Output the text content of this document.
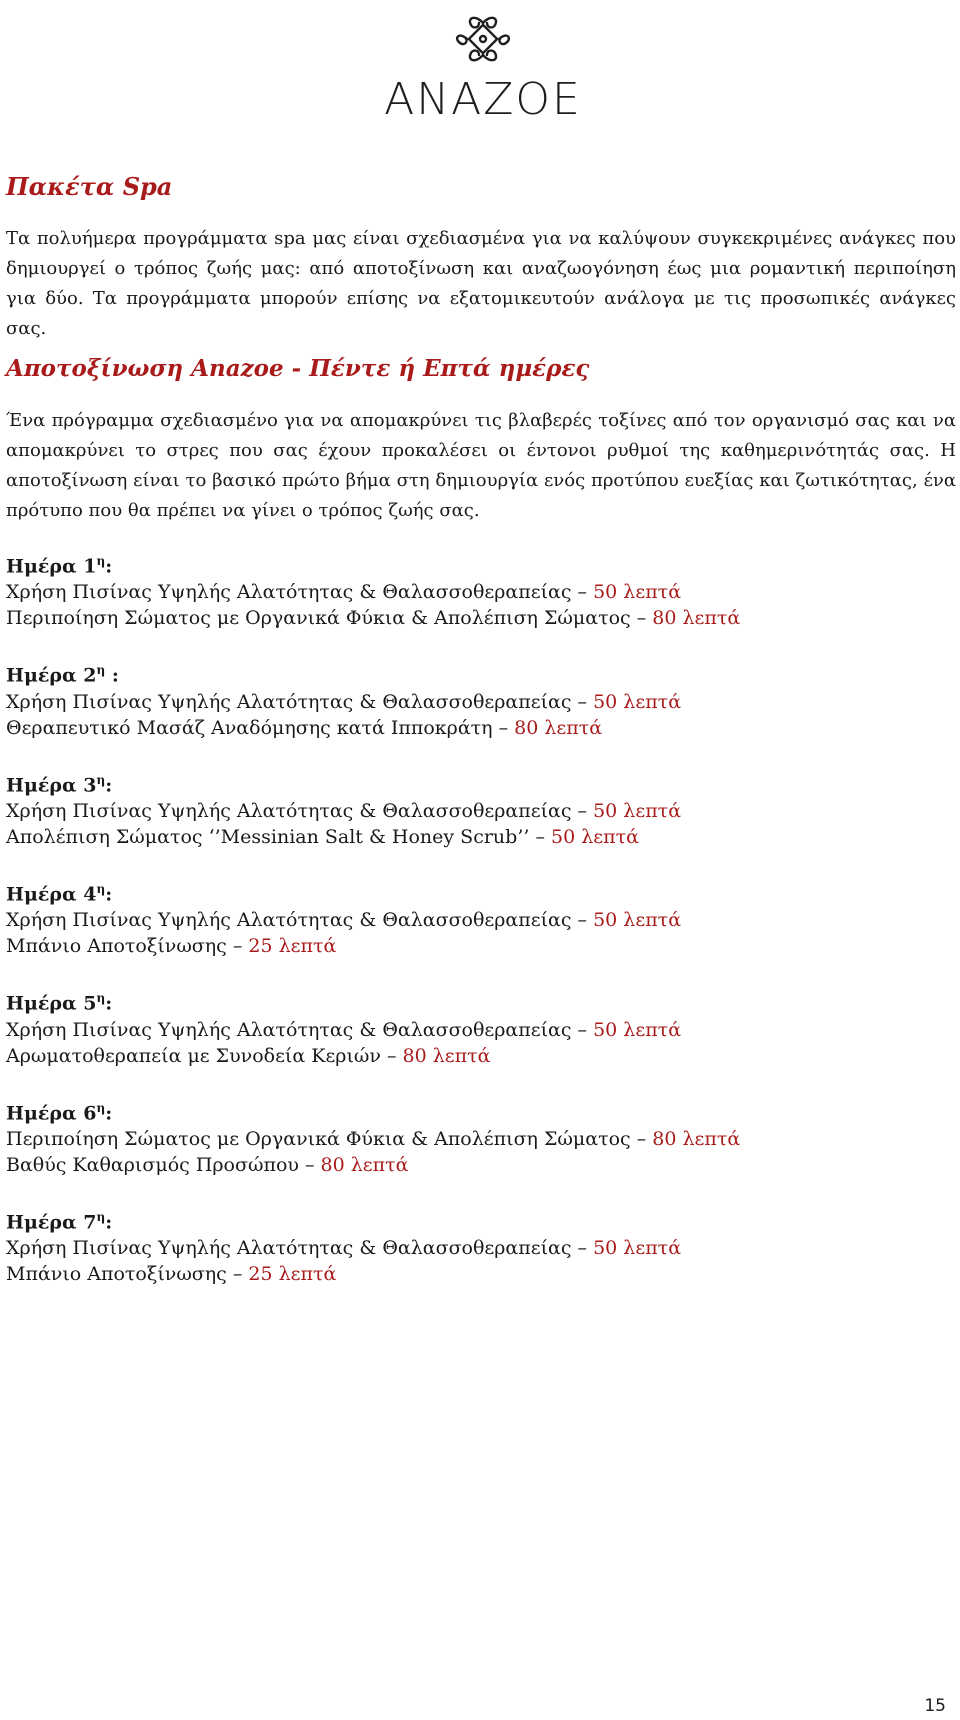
ΑΝΑΖΟΕ
Πακέτα Spa

Τα πολυήμερα προγράμματα spa μας είναι σχεδιασμένα για να καλύψουν συγκεκριμένες ανάγκες που δημιουργεί ο τρόπος ζωής μας: από αποτοξίνωση και αναζωογόνηση έως μια ρομαντική περιποίηση για δύο. Τα προγράμματα μπορούν επίσης να εξατομικευτούν ανάλογα με τις προσωπικές ανάγκες σας.

Αποτοξίνωση Anazoe - Πέντε ή Επτά ημέρες

Ένα πρόγραμμα σχεδιασμένο για να απομακρύνει τις βλαβερές τοξίνες από τον οργανισμό σας και να απομακρύνει το στρες που σας έχουν προκαλέσει οι έντονοι ρυθμοί της καθημερινότητάς σας. Η αποτοξίνωση είναι το βασικό πρώτο βήμα στη δημιουργία ενός προτύπου ευεξίας και ζωτικότητας, ένα πρότυπο που θα πρέπει να γίνει ο τρόπος ζωής σας.

Ημέρα $1^\eta$:
Χρήση Πισίνας Υψηλής Αλατότητας & Θαλασσοθεραπείας – 50 λεπτά
Περιποίηση Σώματος με Οργανικά Φύκια & Απολέπιση Σώματος – 80 λεπτά
Ημέρα $2^\eta$ :
Χρήση Πισίνας Υψηλής Αλατότητας & Θαλασσοθεραπείας – 50 λεπτά
Θεραπευτικό Μασάζ Αναδόμησης κατά Ιπποκράτη – 80 λεπτά
Ημέρα $3^\eta$:
Χρήση Πισίνας Υψηλής Αλατότητας & Θαλασσοθεραπείας – 50 λεπτά
Απολέπιση Σώματος ‘’Messinian Salt & Honey Scrub’’ – 50 λεπτά
Ημέρα $4^\eta$:
Χρήση Πισίνας Υψηλής Αλατότητας & Θαλασσοθεραπείας – 50 λεπτά
Μπάνιο Αποτοξίνωσης – 25 λεπτά
Ημέρα $5^\eta$:
Χρήση Πισίνας Υψηλής Αλατότητας & Θαλασσοθεραπείας – 50 λεπτά
Αρωματοθεραπεία με Συνοδεία Κεριών – 80 λεπτά
Ημέρα $6^\eta$:
Περιποίηση Σώματος με Οργανικά Φύκια & Απολέπιση Σώματος – 80 λεπτά
Βαθύς Καθαρισμός Προσώπου – 80 λεπτά
Ημέρα $7^\eta$:
Χρήση Πισίνας Υψηλής Αλατότητας & Θαλασσοθεραπείας – 50 λεπτά
Μπάνιο Αποτοξίνωσης – 25 λεπτά
15
